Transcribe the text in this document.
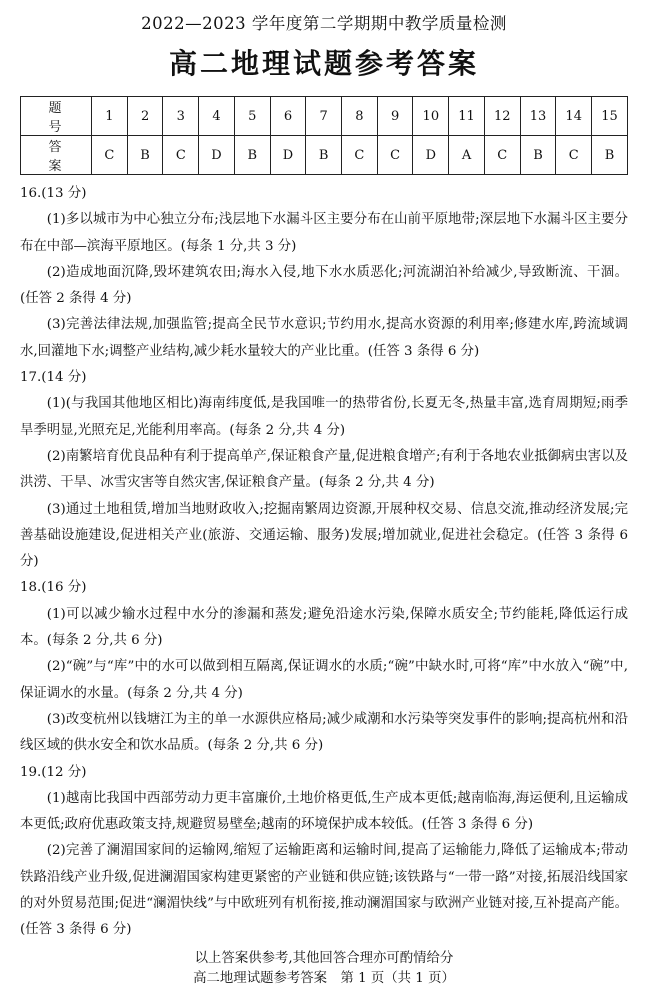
2022—2023 学年度第二学期期中教学质量检测
高二地理试题参考答案
题　号	1	2	3	4	5	6	7	8	9	10	11	12	13	14	15
答　案	C	B	C	D	B	D	B	C	C	D	A	C	B	C	B
16.(13 分)

(1)多以城市为中心独立分布;浅层地下水漏斗区主要分布在山前平原地带;深层地下水漏斗区主要分布在中部—滨海平原地区。(每条 1 分,共 3 分)

(2)造成地面沉降,毁坏建筑农田;海水入侵,地下水水质恶化;河流湖泊补给减少,导致断流、干涸。(任答 2 条得 4 分)

(3)完善法律法规,加强监管;提高全民节水意识;节约用水,提高水资源的利用率;修建水库,跨流域调水,回灌地下水;调整产业结构,减少耗水量较大的产业比重。(任答 3 条得 6 分)

17.(14 分)

(1)(与我国其他地区相比)海南纬度低,是我国唯一的热带省份,长夏无冬,热量丰富,选育周期短;雨季旱季明显,光照充足,光能利用率高。(每条 2 分,共 4 分)

(2)南繁培育优良品种有利于提高单产,保证粮食产量,促进粮食增产;有利于各地农业抵御病虫害以及洪涝、干旱、冰雪灾害等自然灾害,保证粮食产量。(每条 2 分,共 4 分)

(3)通过土地租赁,增加当地财政收入;挖掘南繁周边资源,开展种权交易、信息交流,推动经济发展;完善基础设施建设,促进相关产业(旅游、交通运输、服务)发展;增加就业,促进社会稳定。(任答 3 条得 6 分)

18.(16 分)

(1)可以减少输水过程中水分的渗漏和蒸发;避免沿途水污染,保障水质安全;节约能耗,降低运行成本。(每条 2 分,共 6 分)

(2)“碗”与“库”中的水可以做到相互隔离,保证调水的水质;“碗”中缺水时,可将“库”中水放入“碗”中,保证调水的水量。(每条 2 分,共 4 分)

(3)改变杭州以钱塘江为主的单一水源供应格局;减少咸潮和水污染等突发事件的影响;提高杭州和沿线区域的供水安全和饮水品质。(每条 2 分,共 6 分)

19.(12 分)

(1)越南比我国中西部劳动力更丰富廉价,土地价格更低,生产成本更低;越南临海,海运便利,且运输成本更低;政府优惠政策支持,规避贸易壁垒;越南的环境保护成本较低。(任答 3 条得 6 分)

(2)完善了澜湄国家间的运输网,缩短了运输距离和运输时间,提高了运输能力,降低了运输成本;带动铁路沿线产业升级,促进澜湄国家构建更紧密的产业链和供应链;该铁路与“一带一路”对接,拓展沿线国家的对外贸易范围;促进“澜湄快线”与中欧班列有机衔接,推动澜湄国家与欧洲产业链对接,互补提高产能。(任答 3 条得 6 分)

以上答案供参考,其他回答合理亦可酌情给分
高二地理试题参考答案　第 1 页（共 1 页）
